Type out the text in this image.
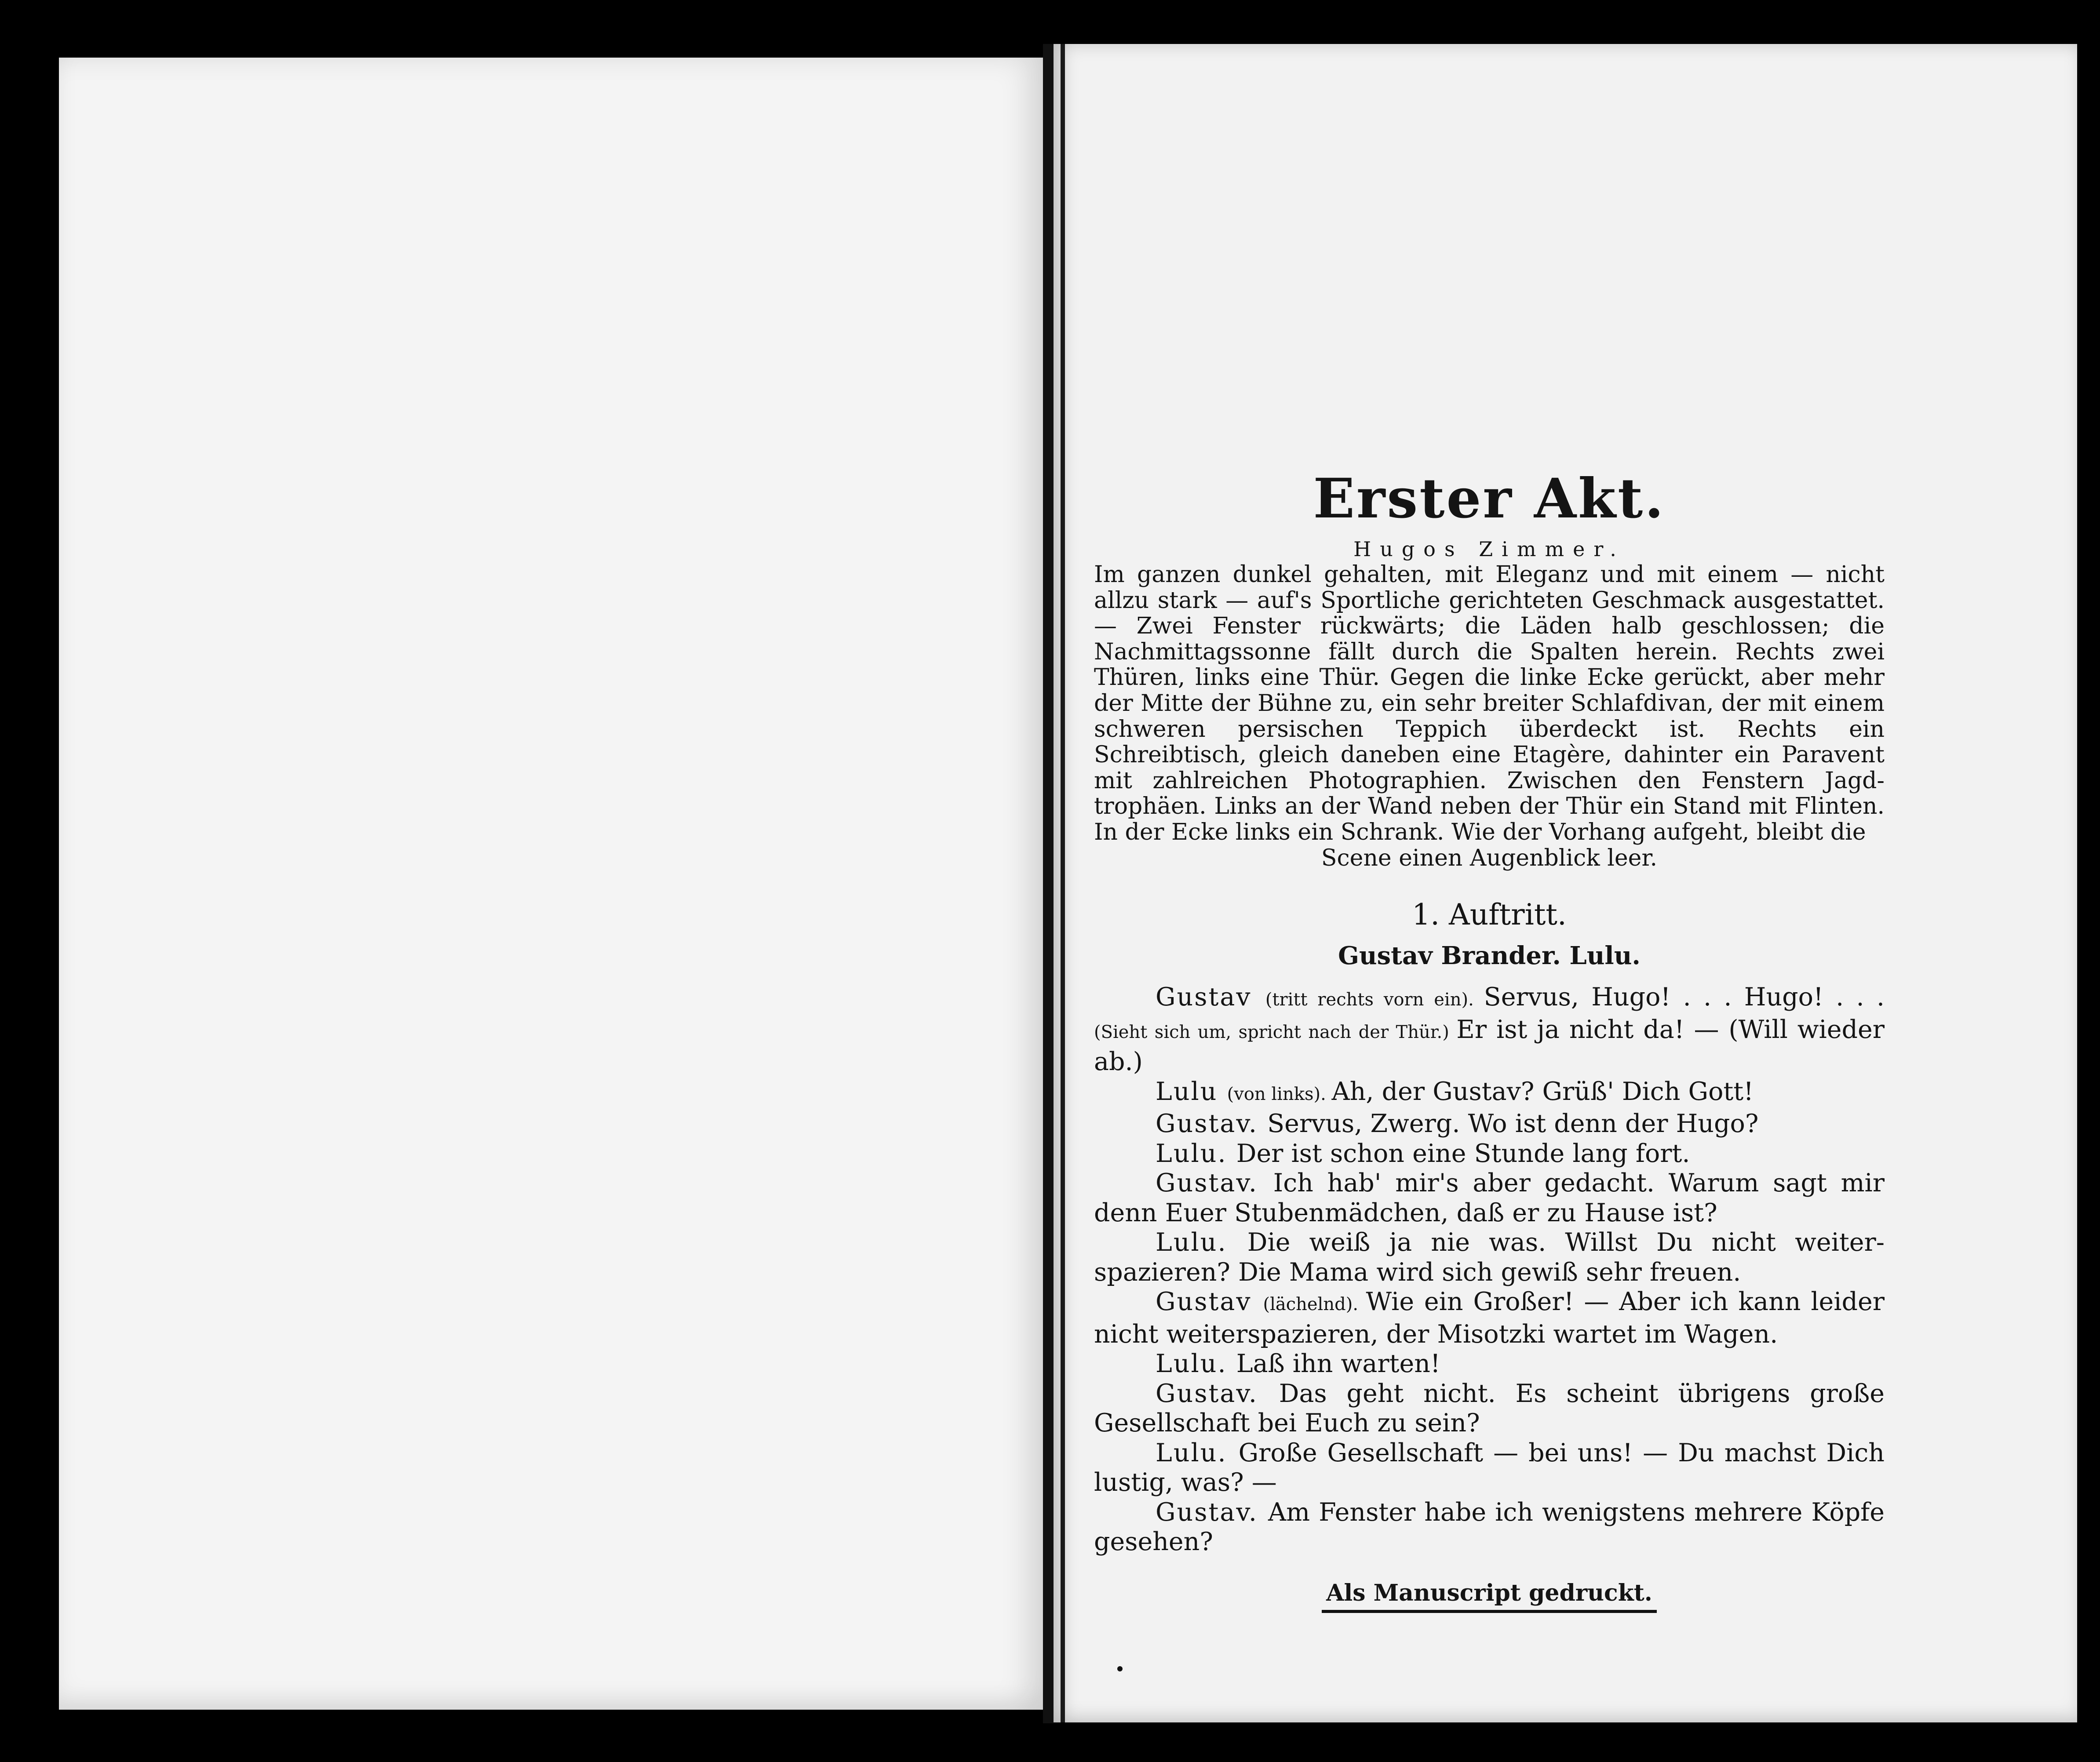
Erster Akt.
Hugos Zimmer.
Im ganzen dunkel gehalten, mit Eleganz und mit einem — nicht allzu stark — auf's Sportliche gerichteten Geschmack ausgestattet. — Zwei Fenster rückwärts; die Läden halb geschlossen; die Nachmittagssonne fällt durch die Spalten herein. Rechts zwei Thüren, links eine Thür. Gegen die linke Ecke gerückt, aber mehr der Mitte der Bühne zu, ein sehr breiter Schlafdivan, der mit einem schweren persischen Teppich überdeckt ist. Rechts ein Schreibtisch, gleich daneben eine Etagère, dahinter ein Paravent mit zahlreichen Photographien. Zwischen den Fenstern Jagd- trophäen. Links an der Wand neben der Thür ein Stand mit Flinten. In der Ecke links ein Schrank. Wie der Vorhang aufgeht, bleibt die
Scene einen Augenblick leer.
1. Auftritt.
Gustav Brander. Lulu.

Gustav (tritt rechts vorn ein). Servus, Hugo! . . . Hugo! . . . (Sieht sich um, spricht nach der Thür.) Er ist ja nicht da! — (Will wieder ab.)

Lulu (von links). Ah, der Gustav? Grüß' Dich Gott!

Gustav. Servus, Zwerg. Wo ist denn der Hugo?

Lulu. Der ist schon eine Stunde lang fort.

Gustav. Ich hab' mir's aber gedacht. Warum sagt mir denn Euer Stubenmädchen, daß er zu Hause ist?

Lulu. Die weiß ja nie was. Willst Du nicht weiter-spazieren? Die Mama wird sich gewiß sehr freuen.

Gustav (lächelnd). Wie ein Großer! — Aber ich kann leider nicht weiterspazieren, der Misotzki wartet im Wagen.

Lulu. Laß ihn warten!

Gustav. Das geht nicht. Es scheint übrigens große Gesellschaft bei Euch zu sein?

Lulu. Große Gesellschaft — bei uns! — Du machst Dich lustig, was? —

Gustav. Am Fenster habe ich wenigstens mehrere Köpfe gesehen?

Als Manuscript gedruckt.
